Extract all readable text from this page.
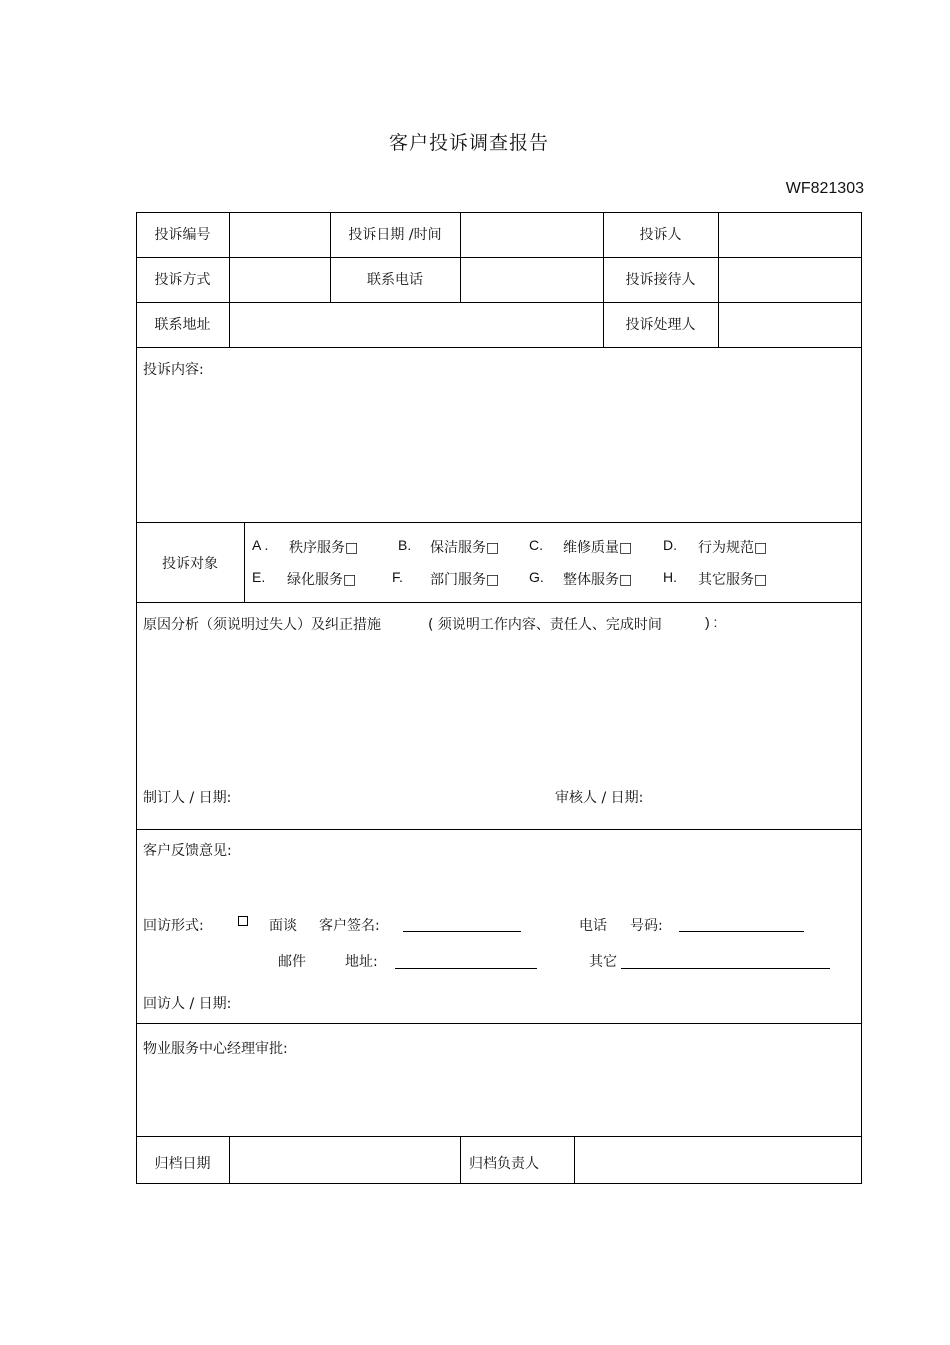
客户投诉调查报告
WF821303
投诉编号	投诉日期 /时间	投诉人
投诉方式	联系电话	投诉接待人
联系地址	投诉处理人
投诉内容:
投诉对象
A . 秩序服务□	B. 保洁服务□ C. 维修质量□ D. 行为规范□
E. 绿化服务□	F. 部门服务□ G. 整体服务□ H. 其它服务□
原因分析（须说明过失人）及纠正措施	( 须说明工作内容、责任人、完成时间	) :
制订人 / 日期:	审核人 / 日期:
客户反馈意见:
回访形式:	面谈 客户签名:	电话 号码:
邮件	地址:	其它
回访人 / 日期:
物业服务中心经理审批:
归档日期	归档负责人
